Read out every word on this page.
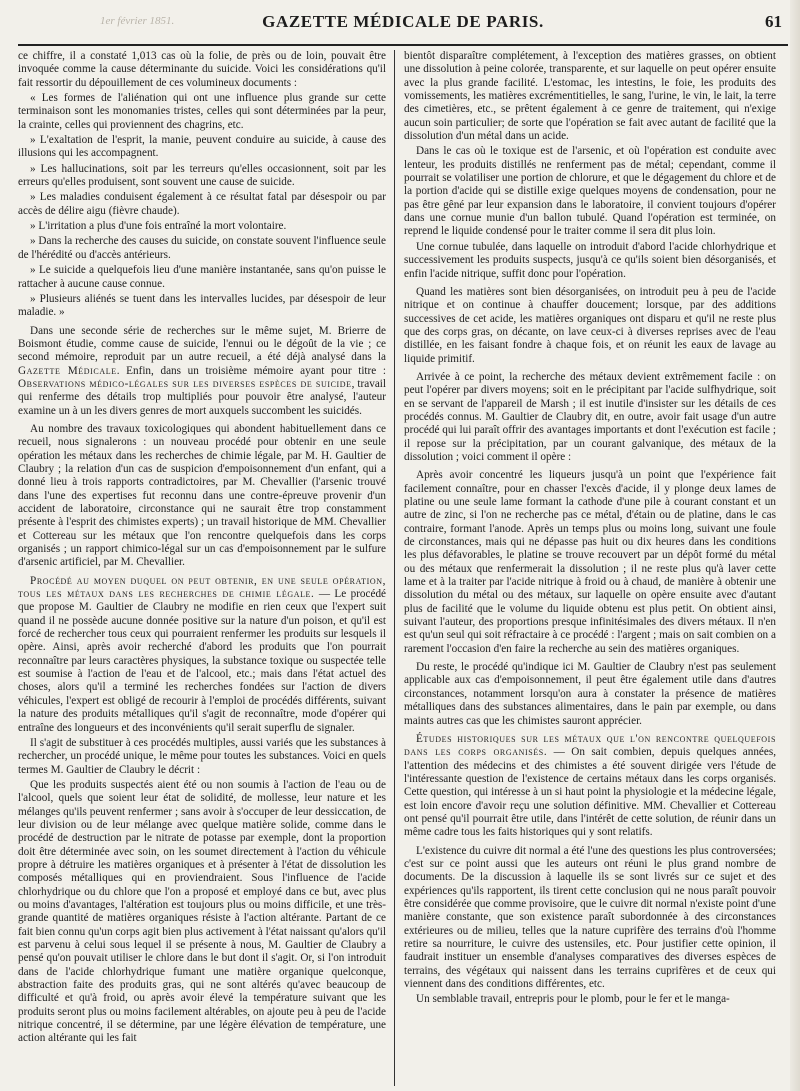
1er février 1851.	GAZETTE MÉDICALE DE PARIS.	61

ce chiffre, il a constaté 1,013 cas où la folie, de près ou de loin, pouvait être invoquée comme la cause déterminante du suicide. Voici les considérations qu'il fait ressortir du dépouillement de ces volumineux documents :

« Les formes de l'aliénation qui ont une influence plus grande sur cette terminaison sont les monomanies tristes, celles qui sont déterminées par la peur, la crainte, celles qui proviennent des chagrins, etc.

» L'exaltation de l'esprit, la manie, peuvent conduire au suicide, à cause des illusions qui les accompagnent.

» Les hallucinations, soit par les terreurs qu'elles occasionnent, soit par les erreurs qu'elles produisent, sont souvent une cause de suicide.

» Les maladies conduisent également à ce résultat fatal par désespoir ou par accès de délire aigu (fièvre chaude).

» L'irritation a plus d'une fois entraîné la mort volontaire.

» Dans la recherche des causes du suicide, on constate souvent l'influence seule de l'hérédité ou d'accès antérieurs.

» Le suicide a quelquefois lieu d'une manière instantanée, sans qu'on puisse le rattacher à aucune cause connue.

» Plusieurs aliénés se tuent dans les intervalles lucides, par désespoir de leur maladie. »

Dans une seconde série de recherches sur le même sujet, M. Brierre de Boismont étudie, comme cause de suicide, l'ennui ou le dégoût de la vie ; ce second mémoire, reproduit par un autre recueil, a été déjà analysé dans la Gazette Médicale. Enfin, dans un troisième mémoire ayant pour titre : Observations médico-légales sur les diverses espèces de suicide, travail qui renferme des détails trop multipliés pour pouvoir être analysé, l'auteur examine un à un les divers genres de mort auxquels succombent les suicidés.

Au nombre des travaux toxicologiques qui abondent habituellement dans ce recueil, nous signalerons : un nouveau procédé pour obtenir en une seule opération les métaux dans les recherches de chimie légale, par M. H. Gaultier de Claubry ; la relation d'un cas de suspicion d'empoisonnement d'un enfant, qui a donné lieu à trois rapports contradictoires, par M. Chevallier (l'arsenic trouvé dans l'une des expertises fut reconnu dans une contre-épreuve provenir d'un accident de laboratoire, circonstance qui ne saurait être trop constamment présente à l'esprit des chimistes experts) ; un travail historique de MM. Chevallier et Cottereau sur les métaux que l'on rencontre quelquefois dans les corps organisés ; un rapport chimico-légal sur un cas d'empoisonnement par le sulfure d'arsenic artificiel, par M. Chevallier.

Procédé au moyen duquel on peut obtenir, en une seule opération, tous les métaux dans les recherches de chimie légale. — Le procédé que propose M. Gaultier de Claubry ne modifie en rien ceux que l'expert suit quand il ne possède aucune donnée positive sur la nature d'un poison, et qu'il est forcé de rechercher tous ceux qui pourraient renfermer les produits sur lesquels il opère. Ainsi, après avoir recherché d'abord les produits que l'on pourrait reconnaître par leurs caractères physiques, la substance toxique ou suspectée telle est soumise à l'action de l'eau et de l'alcool, etc.; mais dans l'état actuel des choses, alors qu'il a terminé les recherches fondées sur l'action de divers véhicules, l'expert est obligé de recourir à l'emploi de procédés différents, suivant la nature des produits métalliques qu'il s'agit de reconnaître, mode d'opérer qui entraîne des longueurs et des inconvénients qu'il serait superflu de signaler.

Il s'agit de substituer à ces procédés multiples, aussi variés que les substances à rechercher, un procédé unique, le même pour toutes les substances. Voici en quels termes M. Gaultier de Claubry le décrit :

Que les produits suspectés aient été ou non soumis à l'action de l'eau ou de l'alcool, quels que soient leur état de solidité, de mollesse, leur nature et les mélanges qu'ils peuvent renfermer ; sans avoir à s'occuper de leur dessiccation, de leur division ou de leur mélange avec quelque matière solide, comme dans le procédé de destruction par le nitrate de potasse par exemple, dont la proportion doit être déterminée avec soin, on les soumet directement à l'action du véhicule propre à détruire les matières organiques et à présenter à l'état de dissolution les composés métalliques qui en proviendraient. Sous l'influence de l'acide chlorhydrique ou du chlore que l'on a proposé et employé dans ce but, avec plus ou moins d'avantages, l'altération est toujours plus ou moins difficile, et une très-grande quantité de matières organiques résiste à l'action altérante. Partant de ce fait bien connu qu'un corps agit bien plus activement à l'état naissant qu'alors qu'il est parvenu à celui sous lequel il se présente à nous, M. Gaultier de Claubry a pensé qu'on pouvait utiliser le chlore dans le but dont il s'agit. Or, si l'on introduit dans de l'acide chlorhydrique fumant une matière organique quelconque, abstraction faite des produits gras, qui ne sont altérés qu'avec beaucoup de difficulté et qu'à froid, ou après avoir élevé la température suivant que les produits seront plus ou moins facilement altérables, on ajoute peu à peu de l'acide nitrique concentré, il se détermine, par une légère élévation de température, une action altérante qui les fait

bientôt disparaître complétement, à l'exception des matières grasses, on obtient une dissolution à peine colorée, transparente, et sur laquelle on peut opérer ensuite avec la plus grande facilité. L'estomac, les intestins, le foie, les produits des vomissements, les matières excrémentitielles, le sang, l'urine, le vin, le lait, la terre des cimetières, etc., se prêtent également à ce genre de traitement, qui n'exige aucun soin particulier; de sorte que l'opération se fait avec autant de facilité que la dissolution d'un métal dans un acide.

Dans le cas où le toxique est de l'arsenic, et où l'opération est conduite avec lenteur, les produits distillés ne renferment pas de métal; cependant, comme il pourrait se volatiliser une portion de chlorure, et que le dégagement du chlore et de la portion d'acide qui se distille exige quelques moyens de condensation, pour ne pas être gêné par leur expansion dans le laboratoire, il convient toujours d'opérer dans une cornue munie d'un ballon tubulé. Quand l'opération est terminée, on reprend le liquide condensé pour le traiter comme il sera dit plus loin.

Une cornue tubulée, dans laquelle on introduit d'abord l'acide chlorhydrique et successivement les produits suspects, jusqu'à ce qu'ils soient bien désorganisés, et enfin l'acide nitrique, suffit donc pour l'opération.

Quand les matières sont bien désorganisées, on introduit peu à peu de l'acide nitrique et on continue à chauffer doucement; lorsque, par des additions successives de cet acide, les matières organiques ont disparu et qu'il ne reste plus que des corps gras, on décante, on lave ceux-ci à diverses reprises avec de l'eau distillée, en les faisant fondre à chaque fois, et on réunit les eaux de lavage au liquide primitif.

Arrivée à ce point, la recherche des métaux devient extrêmement facile : on peut l'opérer par divers moyens; soit en le précipitant par l'acide sulfhydrique, soit en se servant de l'appareil de Marsh ; il est inutile d'insister sur les détails de ces procédés connus. M. Gaultier de Claubry dit, en outre, avoir fait usage d'un autre procédé qui lui paraît offrir des avantages importants et dont l'exécution est facile ; il repose sur la précipitation, par un courant galvanique, des métaux de la dissolution ; voici comment il opère :

Après avoir concentré les liqueurs jusqu'à un point que l'expérience fait facilement connaître, pour en chasser l'excès d'acide, il y plonge deux lames de platine ou une seule lame formant la cathode d'une pile à courant constant et un autre de zinc, si l'on ne recherche pas ce métal, d'étain ou de platine, dans le cas contraire, formant l'anode. Après un temps plus ou moins long, suivant une foule de circonstances, mais qui ne dépasse pas huit ou dix heures dans les conditions les plus défavorables, le platine se trouve recouvert par un dépôt formé du métal ou des métaux que renfermerait la dissolution ; il ne reste plus qu'à laver cette lame et à la traiter par l'acide nitrique à froid ou à chaud, de manière à obtenir une dissolution du métal ou des métaux, sur laquelle on opère ensuite avec d'autant plus de facilité que le volume du liquide obtenu est plus petit. On obtient ainsi, suivant l'auteur, des proportions presque infinitésimales des divers métaux. Il n'en est qu'un seul qui soit réfractaire à ce procédé : l'argent ; mais on sait combien on a rarement l'occasion d'en faire la recherche au sein des matières organiques.

Du reste, le procédé qu'indique ici M. Gaultier de Claubry n'est pas seulement applicable aux cas d'empoisonnement, il peut être également utile dans d'autres circonstances, notamment lorsqu'on aura à constater la présence de matières métalliques dans des substances alimentaires, dans le pain par exemple, ou dans maints autres cas que les chimistes sauront apprécier.

Études historiques sur les métaux que l'on rencontre quelquefois dans les corps organisés. — On sait combien, depuis quelques années, l'attention des médecins et des chimistes a été souvent dirigée vers l'étude de l'intéressante question de l'existence de certains métaux dans les corps organisés. Cette question, qui intéresse à un si haut point la physiologie et la médecine légale, est loin encore d'avoir reçu une solution définitive. MM. Chevallier et Cottereau ont pensé qu'il pourrait être utile, dans l'intérêt de cette solution, de réunir dans un même cadre tous les faits historiques qui y sont relatifs.

L'existence du cuivre dit normal a été l'une des questions les plus controversées; c'est sur ce point aussi que les auteurs ont réuni le plus grand nombre de documents. De la discussion à laquelle ils se sont livrés sur ce sujet et des expériences qu'ils rapportent, ils tirent cette conclusion qui ne nous paraît pouvoir être considérée que comme provisoire, que le cuivre dit normal n'existe point d'une manière constante, que son existence paraît subordonnée à des circonstances extérieures ou de milieu, telles que la nature cuprifère des terrains d'où l'homme retire sa nourriture, le cuivre des ustensiles, etc. Pour justifier cette opinion, il faudrait instituer un ensemble d'analyses comparatives des diverses espèces de terrains, des végétaux qui naissent dans les terrains cuprifères et de ceux qui viennent dans des conditions différentes, etc.

Un semblable travail, entrepris pour le plomb, pour le fer et le manga-
